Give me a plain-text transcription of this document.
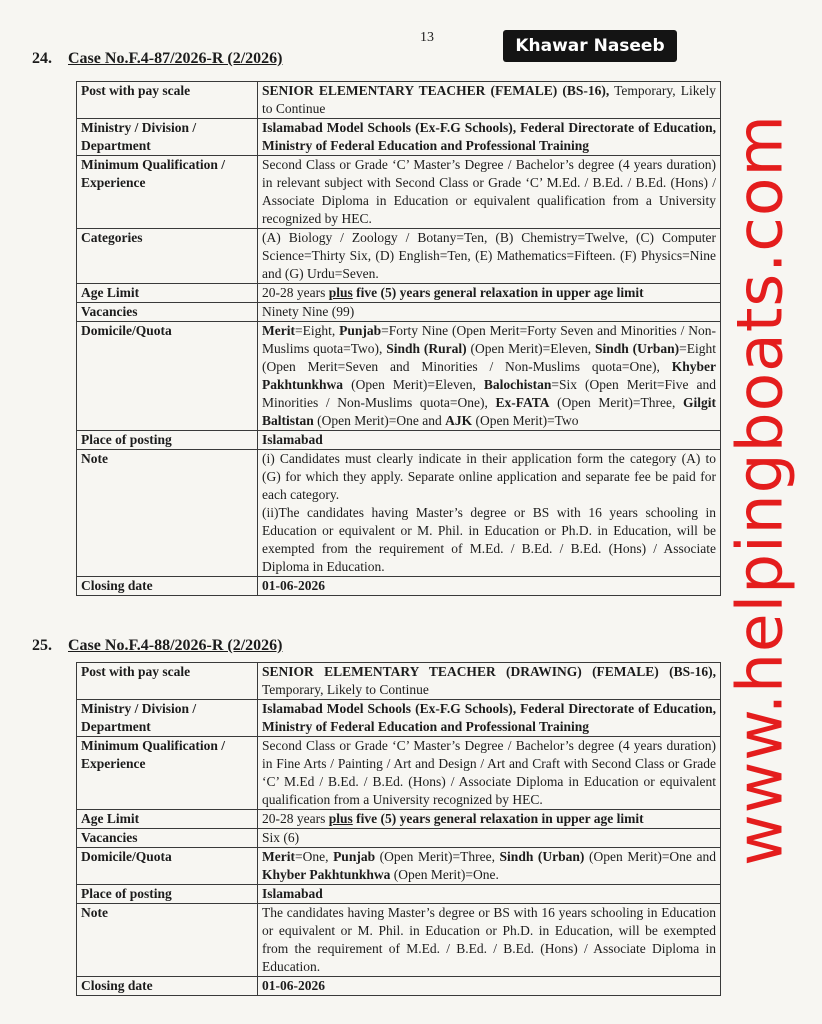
13	Khawar Naseeb
24. Case No.F.4-87/2026-R (2/2026)
Post with pay scale	SENIOR ELEMENTARY TEACHER (FEMALE) (BS-16), Temporary, Likely to Continue
Ministry / Division / Department	Islamabad Model Schools (Ex-F.G Schools), Federal Directorate of Education, Ministry of Federal Education and Professional Training
Minimum Qualification / Experience	Second Class or Grade ‘C’ Master’s Degree / Bachelor’s degree (4 years duration) in relevant subject with Second Class or Grade ‘C’ M.Ed. / B.Ed. / B.Ed. (Hons) / Associate Diploma in Education or equivalent qualification from a University recognized by HEC.
Categories	(A) Biology / Zoology / Botany=Ten, (B) Chemistry=Twelve, (C) Computer Science=Thirty Six, (D) English=Ten, (E) Mathematics=Fifteen. (F) Physics=Nine and (G) Urdu=Seven.
Age Limit	20-28 years plus five (5) years general relaxation in upper age limit
Vacancies	Ninety Nine (99)
Domicile/Quota	Merit=Eight, Punjab=Forty Nine (Open Merit=Forty Seven and Minorities / Non-Muslims quota=Two), Sindh (Rural) (Open Merit)=Eleven, Sindh (Urban)=Eight (Open Merit=Seven and Minorities / Non-Muslims quota=One), Khyber Pakhtunkhwa (Open Merit)=Eleven, Balochistan=Six (Open Merit=Five and Minorities / Non-Muslims quota=One), Ex-FATA (Open Merit)=Three, Gilgit Baltistan (Open Merit)=One and AJK (Open Merit)=Two
Place of posting	Islamabad
Note	(i) Candidates must clearly indicate in their application form the category (A) to (G) for which they apply. Separate online application and separate fee be paid for each category.
(ii)The candidates having Master’s degree or BS with 16 years schooling in Education or equivalent or M. Phil. in Education or Ph.D. in Education, will be exempted from the requirement of M.Ed. / B.Ed. / B.Ed. (Hons) / Associate Diploma in Education.

Closing date	01-06-2026
25. Case No.F.4-88/2026-R (2/2026)
Post with pay scale	SENIOR ELEMENTARY TEACHER (DRAWING) (FEMALE) (BS-16), Temporary, Likely to Continue
Ministry / Division / Department	Islamabad Model Schools (Ex-F.G Schools), Federal Directorate of Education, Ministry of Federal Education and Professional Training
Minimum Qualification / Experience	Second Class or Grade ‘C’ Master’s Degree / Bachelor’s degree (4 years duration) in Fine Arts / Painting / Art and Design / Art and Craft with Second Class or Grade ‘C’ M.Ed / B.Ed. / B.Ed. (Hons) / Associate Diploma in Education or equivalent qualification from a University recognized by HEC.
Age Limit	20-28 years plus five (5) years general relaxation in upper age limit
Vacancies	Six (6)
Domicile/Quota	Merit=One, Punjab (Open Merit)=Three, Sindh (Urban) (Open Merit)=One and Khyber Pakhtunkhwa (Open Merit)=One.
Place of posting	Islamabad
Note	The candidates having Master’s degree or BS with 16 years schooling in Education or equivalent or M. Phil. in Education or Ph.D. in Education, will be exempted from the requirement of M.Ed. / B.Ed. / B.Ed. (Hons) / Associate Diploma in Education.
Closing date	01-06-2026
www.helpingboats.com
